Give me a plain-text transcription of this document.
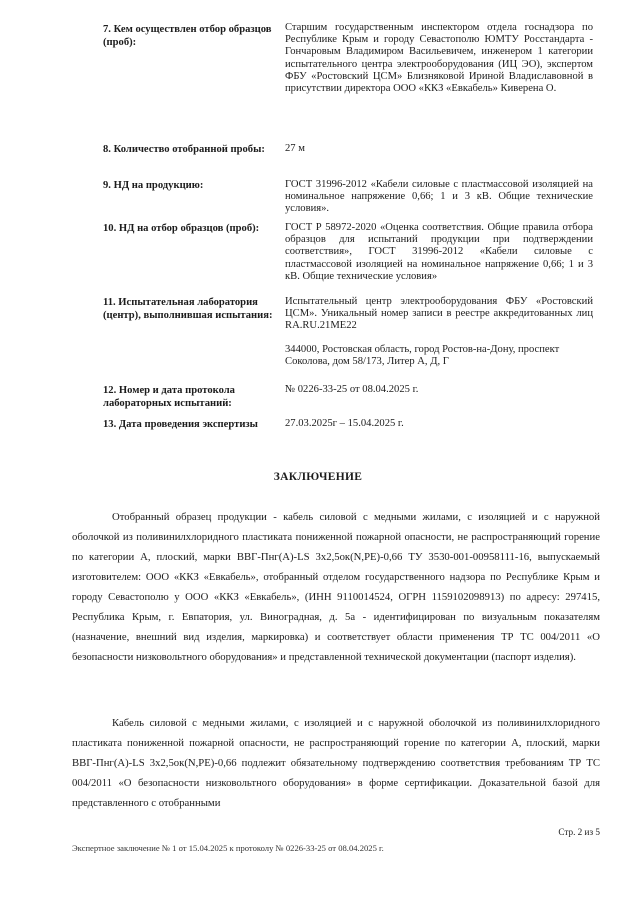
7. Кем осуществлен отбор образцов (проб):
Старшим государственным инспектором отдела госнадзора по Республике Крым и городу Севастополю ЮМТУ Росстандарта - Гончаровым Владимиром Васильевичем, инженером 1 категории испытательного центра электрооборудования (ИЦ ЭО), экспертом ФБУ «Ростовский ЦСМ» Близняковой Ириной Владиславовной в присутствии директора ООО «ККЗ «Евкабель» Киверена О.
8. Количество отобранной пробы:	27 м
9. НД на продукцию:	ГОСТ 31996-2012 «Кабели силовые с пластмассовой изоляцией на номинальное напряжение 0,66; 1 и 3 кВ. Общие технические условия».
10. НД на отбор образцов (проб):	ГОСТ Р 58972-2020 «Оценка соответствия. Общие правила отбора образцов для испытаний продукции при подтверждении соответствия», ГОСТ 31996-2012 «Кабели силовые с пластмассовой изоляцией на номинальное напряжение 0,66; 1 и 3 кВ. Общие технические условия»
11. Испытательная лаборатория (центр), выполнившая испытания:
Испытательный центр электрооборудования ФБУ «Ростовский ЦСМ». Уникальный номер записи в реестре аккредитованных лиц RA.RU.21МЕ22
344000, Ростовская область, город Ростов-на-Дону, проспект Соколова, дом 58/173, Литер А, Д, Г
12. Номер и дата протокола лабораторных испытаний:
№ 0226-33-25 от 08.04.2025 г.
13. Дата проведения экспертизы	27.03.2025г – 15.04.2025 г.
ЗАКЛЮЧЕНИЕ
Отобранный образец продукции - кабель силовой с медными жилами, с изоляцией и с наружной оболочкой из поливинилхлоридного пластиката пониженной пожарной опасности, не распространяющий горение по категории А, плоский, марки ВВГ-Пнг(А)-LS 3х2,5ок(N,PE)-0,66 ТУ 3530-001-00958111-16, выпускаемый изготовителем: ООО «ККЗ «Евкабель», отобранный отделом государственного надзора по Республике Крым и городу Севастополю у ООО «ККЗ «Евкабель», (ИНН 9110014524, ОГРН 1159102098913) по адресу: 297415, Республика Крым, г. Евпатория, ул. Виноградная, д. 5а - идентифицирован по визуальным показателям (назначение, внешний вид изделия, маркировка) и соответствует области применения ТР ТС 004/2011 «О безопасности низковольтного оборудования» и представленной технической документации (паспорт изделия).
Кабель силовой с медными жилами, с изоляцией и с наружной оболочкой из поливинилхлоридного пластиката пониженной пожарной опасности, не распространяющий горение по категории А, плоский, марки ВВГ-Пнг(А)-LS 3х2,5ок(N,PE)-0,66 подлежит обязательному подтверждению соответствия требованиям ТР ТС 004/2011 «О безопасности низковольтного оборудования» в форме сертификации. Доказательной базой для представленного с отобранными
Стр. 2 из 5
Экспертное заключение № 1 от 15.04.2025 к протоколу № 0226-33-25 от 08.04.2025 г.
